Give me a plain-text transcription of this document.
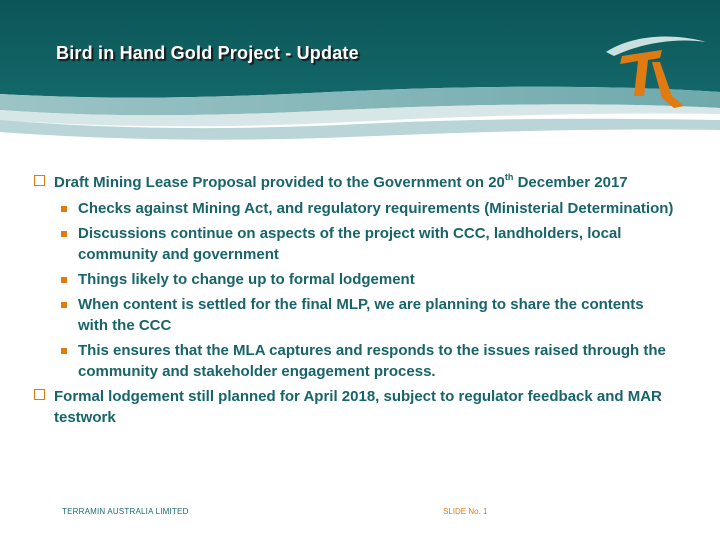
Bird in Hand Gold Project - Update
Draft Mining Lease Proposal provided to the Government on 20th December 2017
Checks against Mining Act, and regulatory requirements (Ministerial Determination)
Discussions continue on aspects of the project with CCC, landholders, local community and government
Things likely to change up to formal lodgement
When content is settled for the final MLP, we are planning to share the contents with the CCC
This ensures that the MLA captures and responds to the issues raised through the community and stakeholder engagement process.
Formal lodgement still planned for April 2018, subject to regulator feedback and MAR testwork
TERRAMIN AUSTRALIA LIMITED	SLIDE No. 1
